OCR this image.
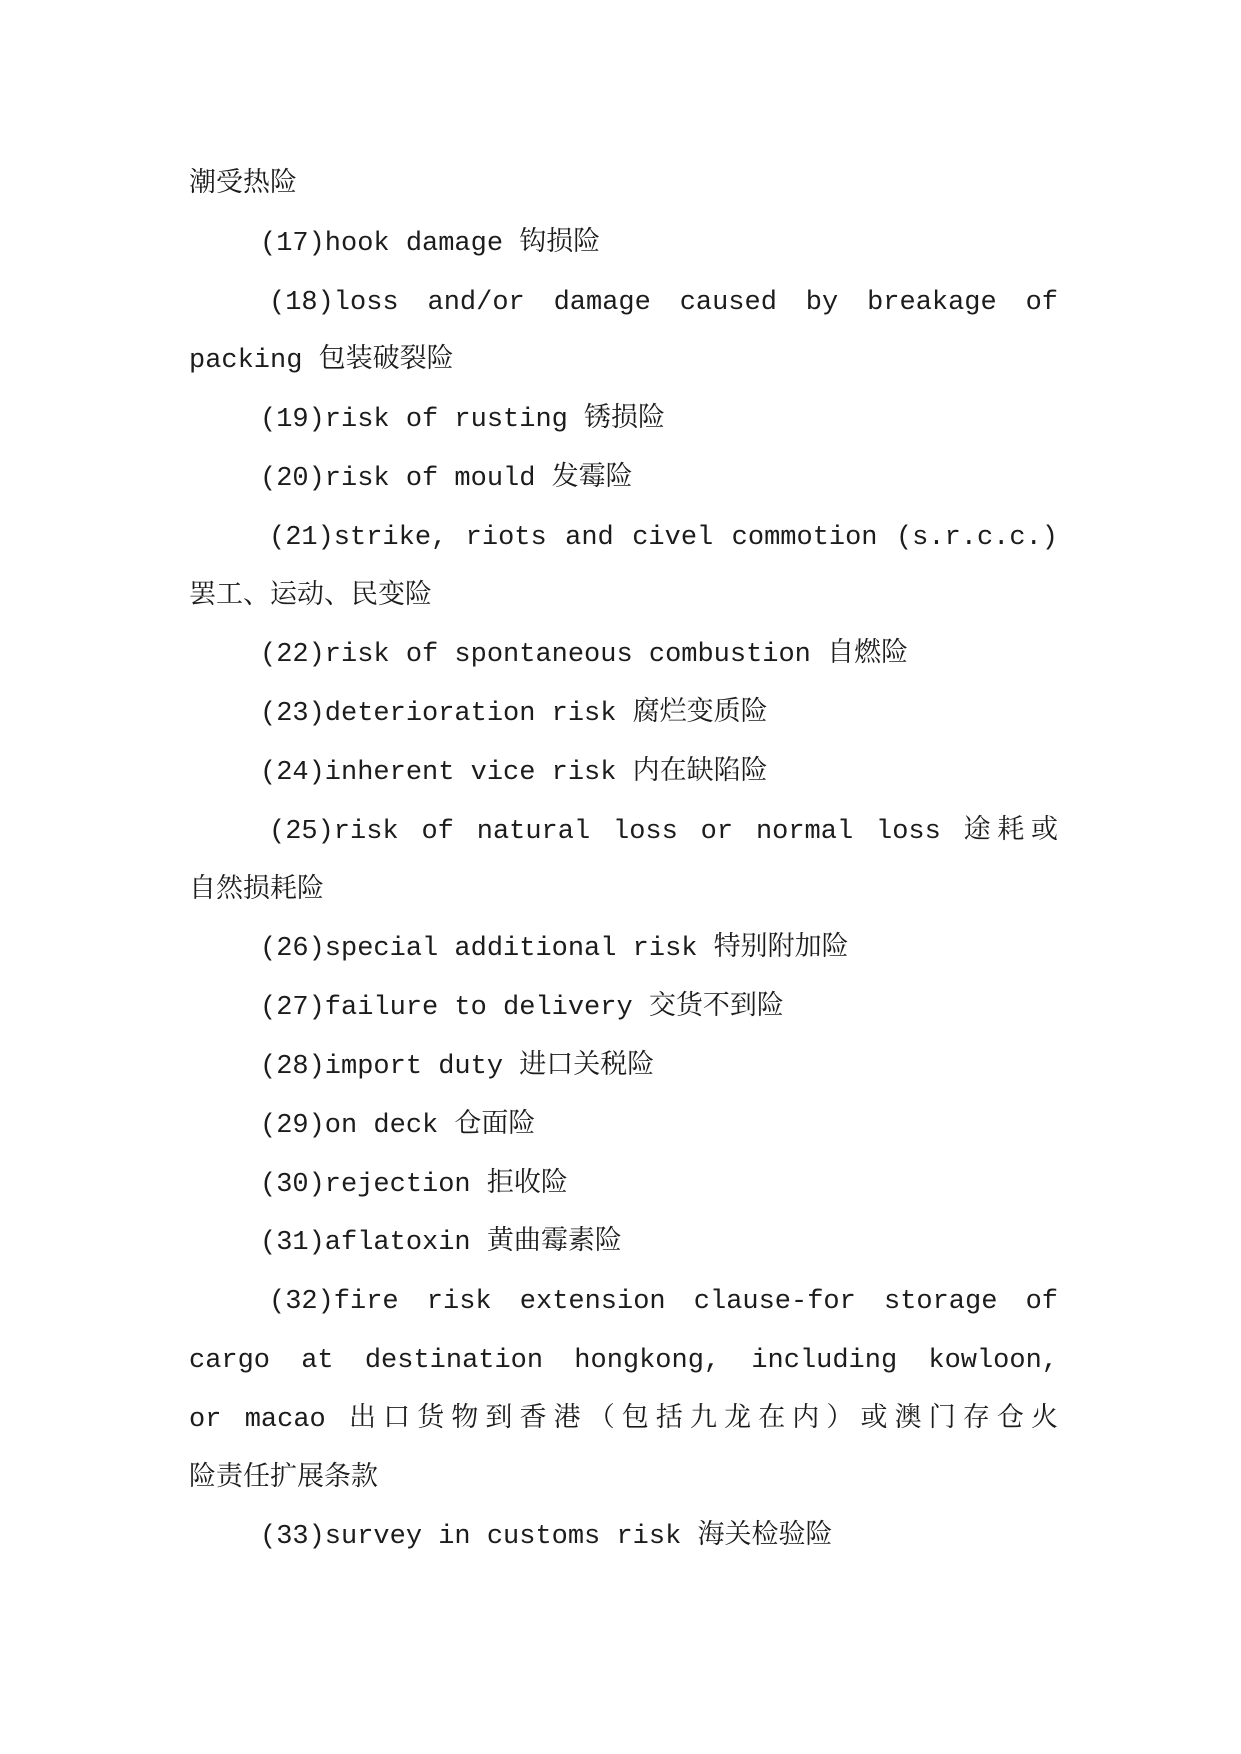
潮受热险
(17)hook damage 钩损险
(18)loss and/or damage caused by breakage of
packing 包装破裂险
(19)risk of rusting 锈损险
(20)risk of mould 发霉险
(21)strike, riots and civel commotion (s.r.c.c.)
罢工、运动、民变险
(22)risk of spontaneous combustion 自燃险
(23)deterioration risk 腐烂变质险
(24)inherent vice risk 内在缺陷险
(25)risk of natural loss or normal loss 途耗或
自然损耗险
(26)special additional risk 特别附加险
(27)failure to delivery 交货不到险
(28)import duty 进口关税险
(29)on deck 仓面险
(30)rejection 拒收险
(31)aflatoxin 黄曲霉素险
(32)fire risk extension clause-for storage of
cargo at destination hongkong, including kowloon,
or macao 出口货物到香港（包括九龙在内）或澳门存仓火
险责任扩展条款
(33)survey in customs risk 海关检验险
